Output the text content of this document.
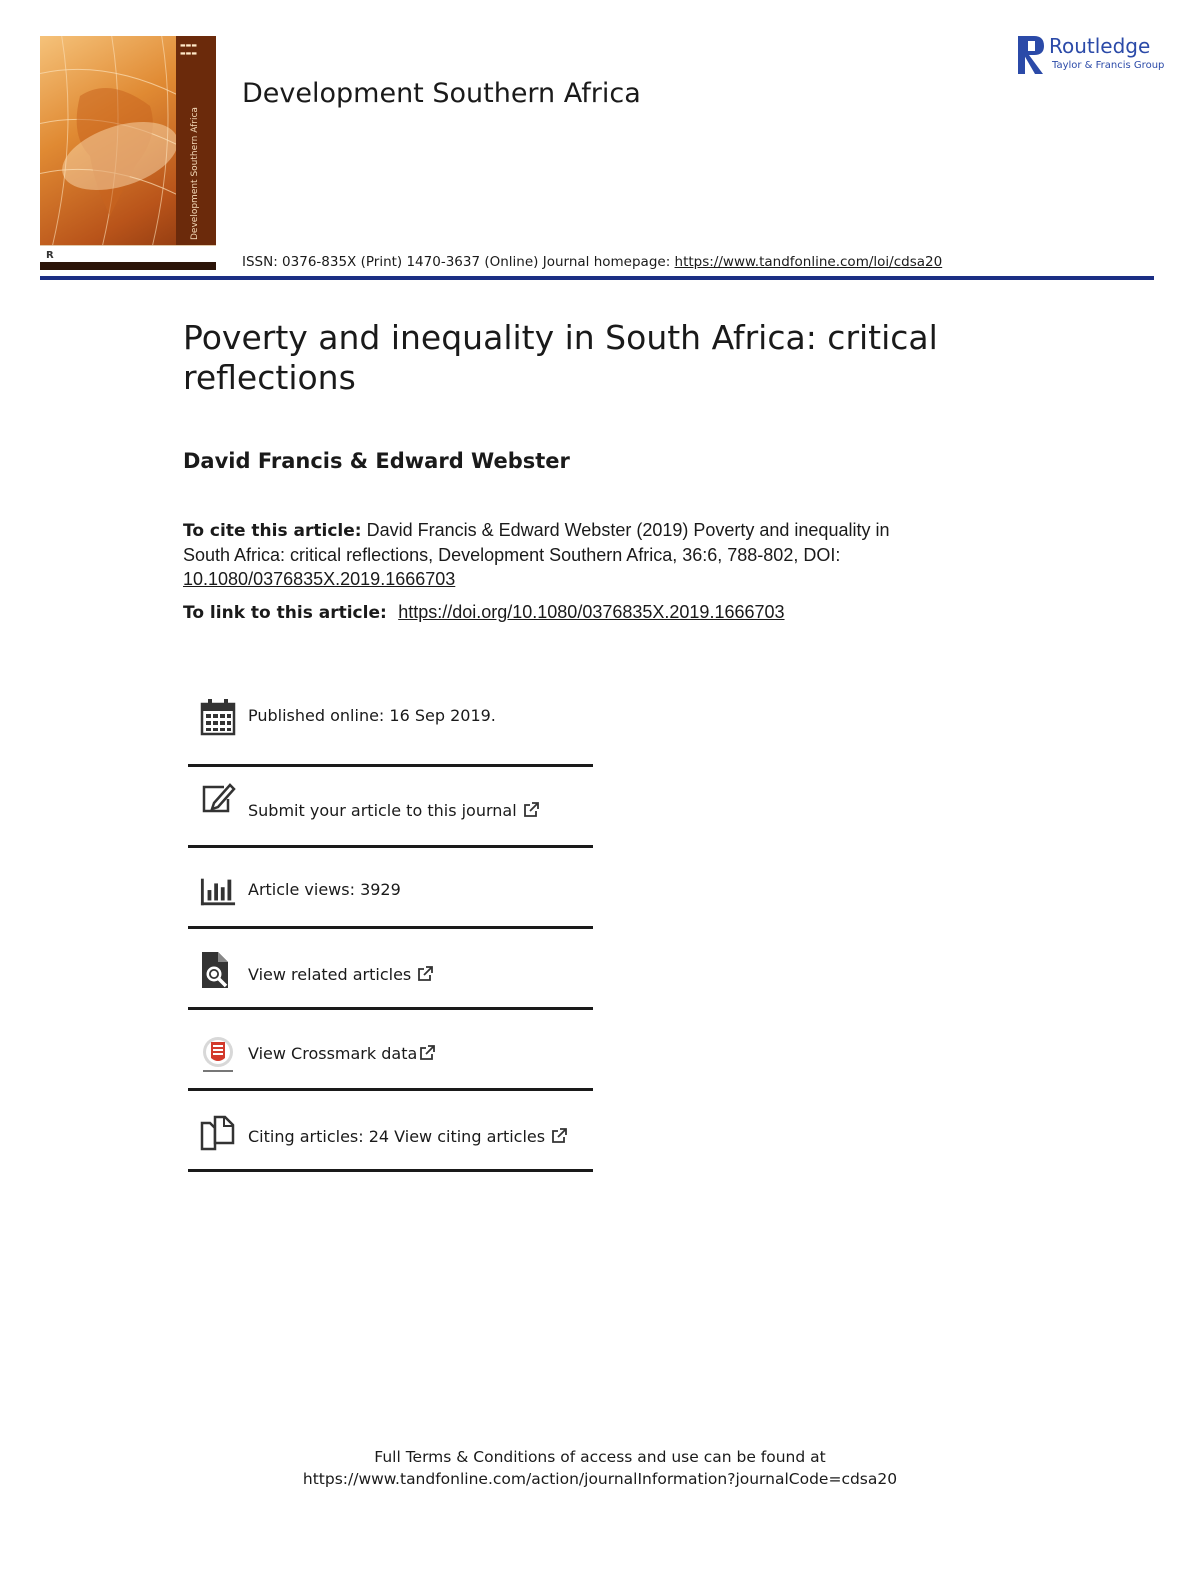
▬▬▬
▬▬▬
Development Southern Africa
R
Development Southern Africa
Routledge
Taylor & Francis Group
ISSN: 0376-835X (Print) 1470-3637 (Online) Journal homepage: https://www.tandfonline.com/loi/cdsa20
Poverty and inequality in South Africa: critical reflections
David Francis & Edward Webster
To cite this article: David Francis & Edward Webster (2019) Poverty and inequality in South Africa: critical reflections, Development Southern Africa, 36:6, 788-802, DOI:
10.1080/0376835X.2019.1666703
To link to this article: https://doi.org/10.1080/0376835X.2019.1666703
Published online: 16 Sep 2019.
Submit your article to this journal
Article views: 3929
View related articles
View Crossmark data
Citing articles: 24 View citing articles
Full Terms & Conditions of access and use can be found at
https://www.tandfonline.com/action/journalInformation?journalCode=cdsa20
